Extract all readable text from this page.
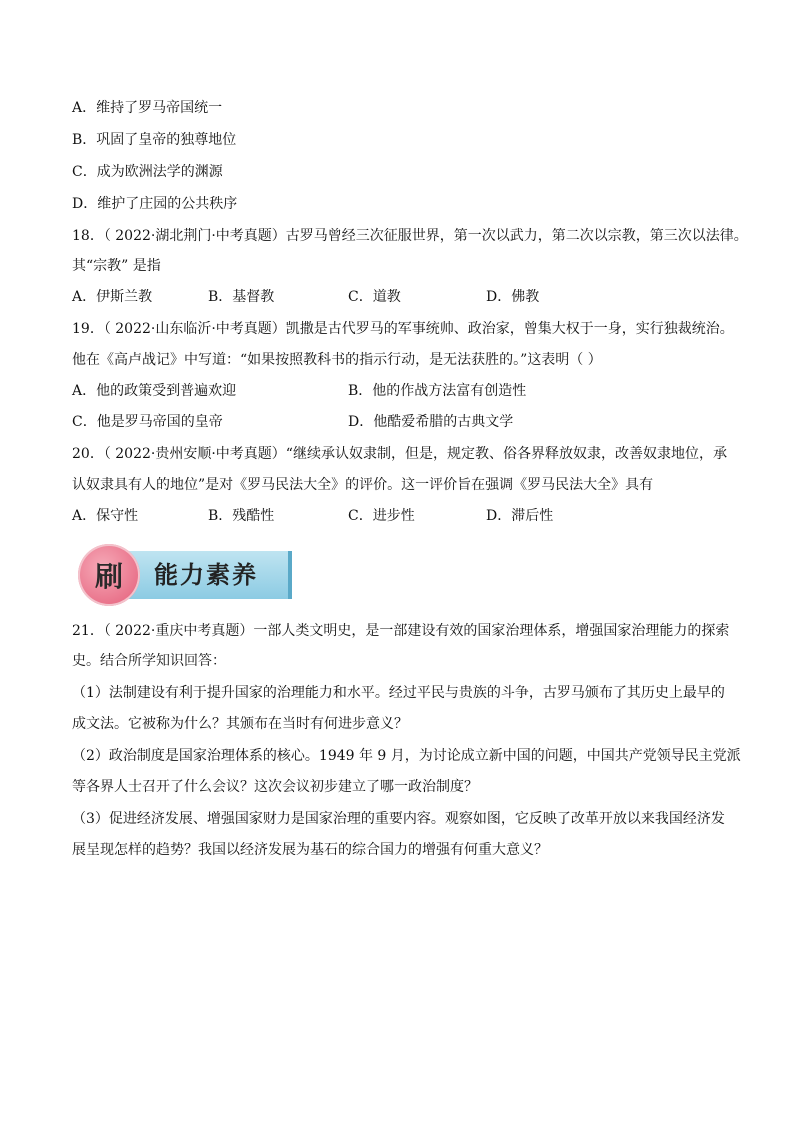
A．维持了罗马帝国统一
B．巩固了皇帝的独尊地位
C．成为欧洲法学的渊源
D．维护了庄园的公共秩序
18．（ 2022·湖北荆门·中考真题）古罗马曾经三次征服世界，第一次以武力，第二次以宗教，第三次以法律。
其“宗教” 是指
A．伊斯兰教	B．基督教	C．道教	D．佛教
19．（ 2022·山东临沂·中考真题）凯撒是古代罗马的军事统帅、政治家，曾集大权于一身，实行独裁统治。
他在《高卢战记》中写道：“如果按照教科书的指示行动，是无法获胜的。”这表明（ ）
A．他的政策受到普遍欢迎	B．他的作战方法富有创造性
C．他是罗马帝国的皇帝	D．他酷爱希腊的古典文学
20．（ 2022·贵州安顺·中考真题）“继续承认奴隶制，但是，规定教、俗各界释放奴隶，改善奴隶地位，承
认奴隶具有人的地位”是对《罗马民法大全》的评价。这一评价旨在强调《罗马民法大全》具有
A．保守性	B．残酷性	C．进步性	D．滞后性
刷 能力素养
21．（ 2022·重庆中考真题）一部人类文明史，是一部建设有效的国家治理体系，增强国家治理能力的探索
史。结合所学知识回答：
（1）法制建设有利于提升国家的治理能力和水平。经过平民与贵族的斗争，古罗马颁布了其历史上最早的
成文法。它被称为什么？其颁布在当时有何进步意义？
（2）政治制度是国家治理体系的核心。1949 年 9 月，为讨论成立新中国的问题，中国共产党领导民主党派
等各界人士召开了什么会议？这次会议初步建立了哪一政治制度？
（3）促进经济发展、增强国家财力是国家治理的重要内容。观察如图，它反映了改革开放以来我国经济发
展呈现怎样的趋势？我国以经济发展为基石的综合国力的增强有何重大意义？
